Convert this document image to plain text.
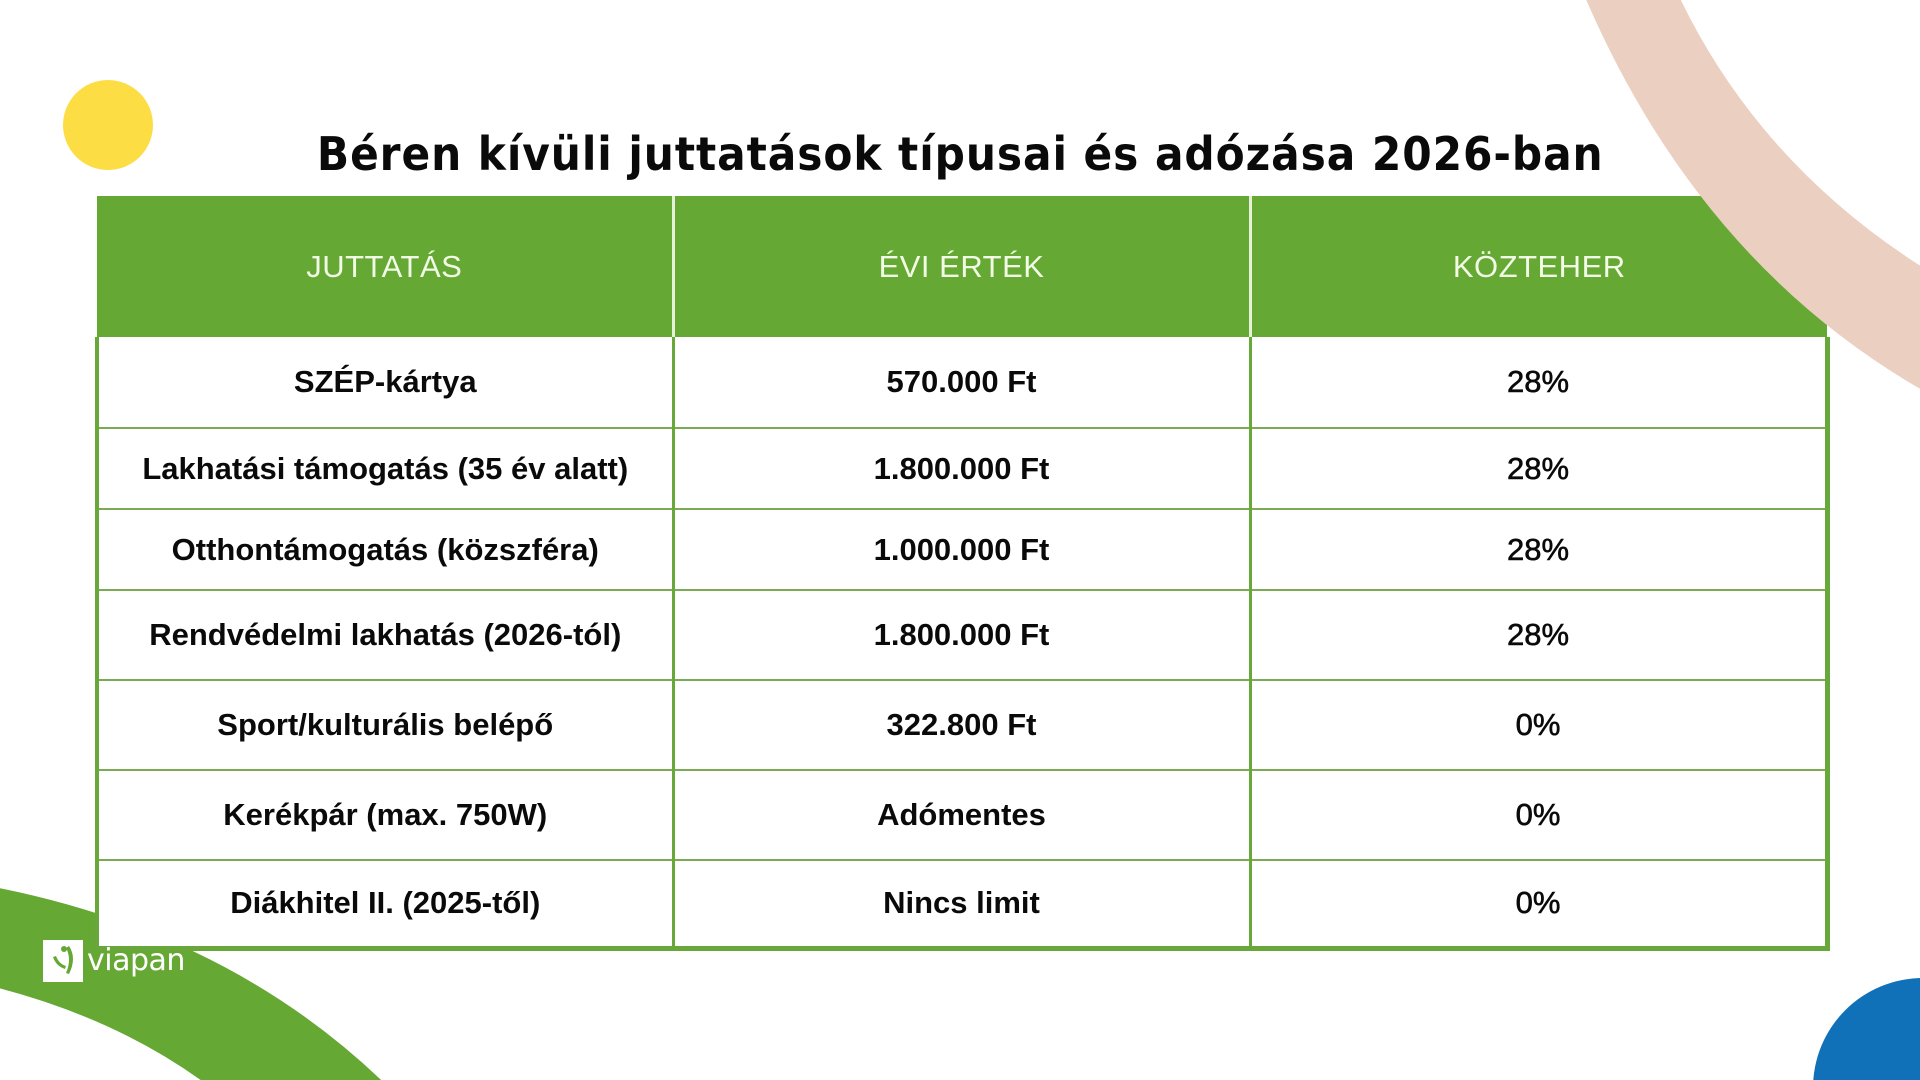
Béren kívüli juttatások típusai és adózása 2026-ban
JUTTATÁS	ÉVI ÉRTÉK	KÖZTEHER
SZÉP-kártya	570.000 Ft	28%
Lakhatási támogatás (35 év alatt)	1.800.000 Ft	28%
Otthontámogatás (közszféra)	1.000.000 Ft	28%
Rendvédelmi lakhatás (2026-tól)	1.800.000 Ft	28%
Sport/kulturális belépő	322.800 Ft	0%
Kerékpár (max. 750W)	Adómentes	0%
Diákhitel II. (2025-től)	Nincs limit	0%
viapan
